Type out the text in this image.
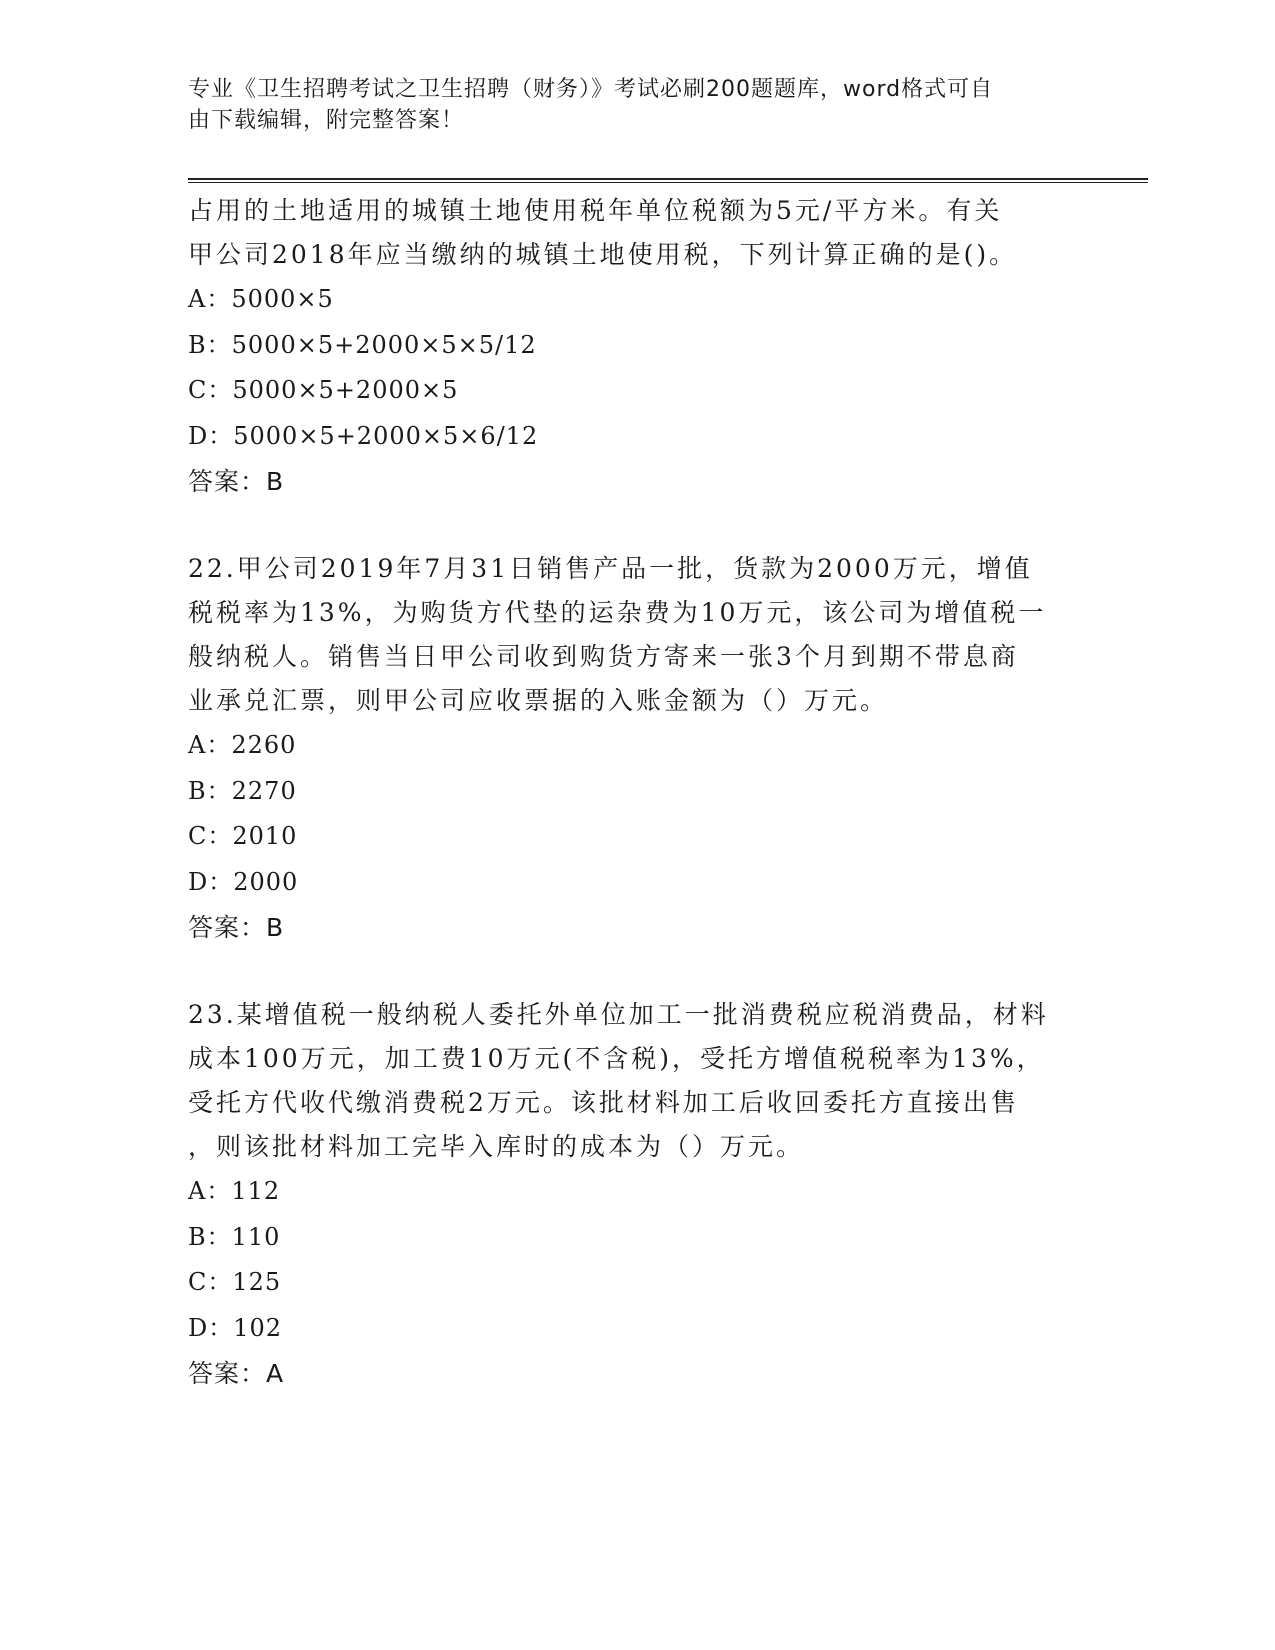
专业《卫生招聘考试之卫生招聘（财务）》考试必刷200题题库，word格式可自
由下载编辑，附完整答案！
占用的土地适用的城镇土地使用税年单位税额为5元/平方米。有关
甲公司2018年应当缴纳的城镇土地使用税，下列计算正确的是()。
A：5000×5
B：5000×5+2000×5×5/12
C：5000×5+2000×5
D：5000×5+2000×5×6/12
答案：B
22.甲公司2019年7月31日销售产品一批，货款为2000万元，增值
税税率为13%，为购货方代垫的运杂费为10万元，该公司为增值税一
般纳税人。销售当日甲公司收到购货方寄来一张3个月到期不带息商
业承兑汇票，则甲公司应收票据的入账金额为（）万元。
A：2260
B：2270
C：2010
D：2000
答案：B
23.某增值税一般纳税人委托外单位加工一批消费税应税消费品，材料
成本100万元，加工费10万元(不含税)，受托方增值税税率为13%，
受托方代收代缴消费税2万元。该批材料加工后收回委托方直接出售
，则该批材料加工完毕入库时的成本为（）万元。
A：112
B：110
C：125
D：102
答案：A
